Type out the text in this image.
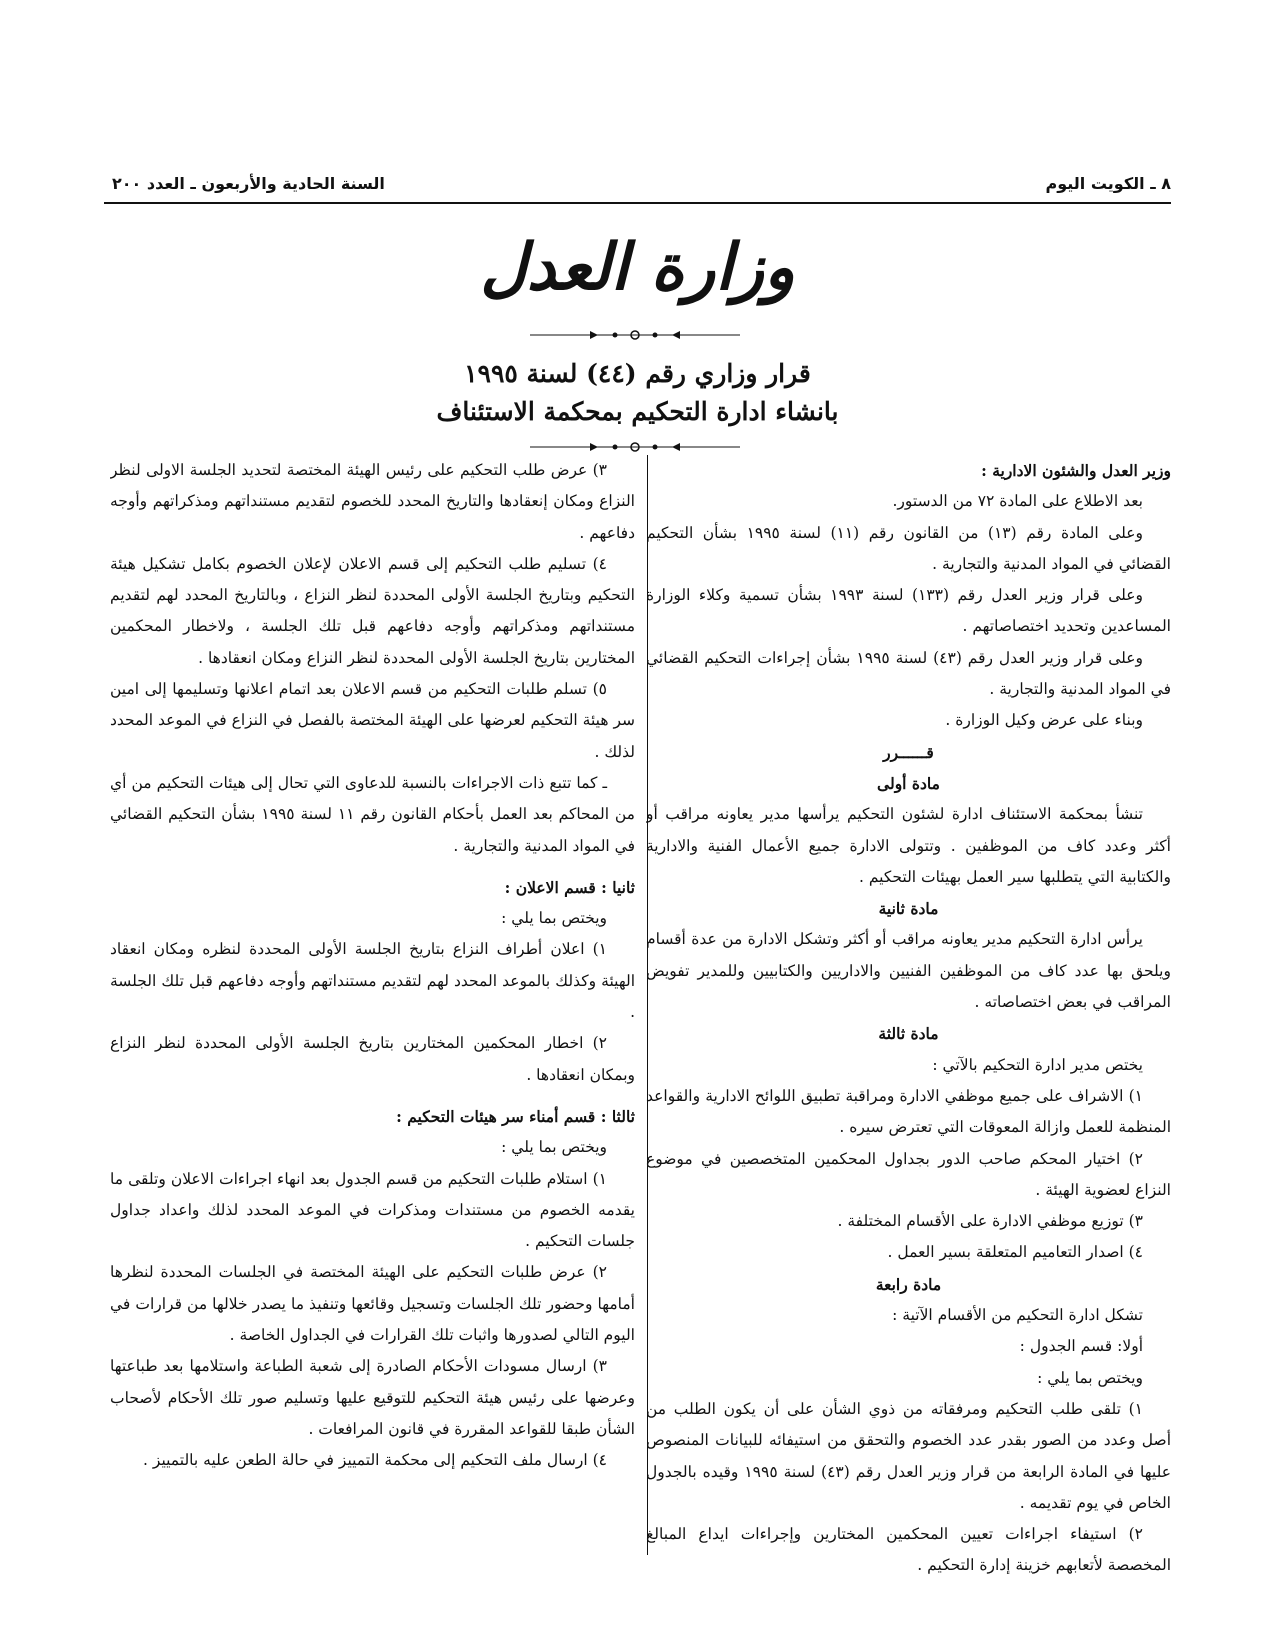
٨ ـ الكويت اليوم
السنة الحادية والأربعون ـ العدد ٢٠٠
وزارة العدل
قرار وزاري رقم (٤٤) لسنة ١٩٩٥
بانشاء ادارة التحكيم بمحكمة الاستئناف

وزير العدل والشئون الادارية :

بعد الاطلاع على المادة ٧٢ من الدستور.

وعلى المادة رقم (١٣) من القانون رقم (١١) لسنة ١٩٩٥ بشأن التحكيم القضائي في المواد المدنية والتجارية .

وعلى قرار وزير العدل رقم (١٣٣) لسنة ١٩٩٣ بشأن تسمية وكلاء الوزارة المساعدين وتحديد اختصاصاتهم .

وعلى قرار وزير العدل رقم (٤٣) لسنة ١٩٩٥ بشأن إجراءات التحكيم القضائي في المواد المدنية والتجارية .

وبناء على عرض وكيل الوزارة .

قــــــرر

مادة أولى

تنشأ بمحكمة الاستئناف ادارة لشئون التحكيم يرأسها مدير يعاونه مراقب أو أكثر وعدد كاف من الموظفين . وتتولى الادارة جميع الأعمال الفنية والادارية والكتابية التي يتطلبها سير العمل بهيئات التحكيم .

مادة ثانية

يرأس ادارة التحكيم مدير يعاونه مراقب أو أكثر وتشكل الادارة من عدة أقسام ويلحق بها عدد كاف من الموظفين الفنيين والاداريين والكتابيين وللمدير تفويض المراقب في بعض اختصاصاته .

مادة ثالثة

يختص مدير ادارة التحكيم بالآتي :

١) الاشراف على جميع موظفي الادارة ومراقبة تطبيق اللوائح الادارية والقواعد المنظمة للعمل وازالة المعوقات التي تعترض سيره .

٢) اختيار المحكم صاحب الدور بجداول المحكمين المتخصصين في موضوع النزاع لعضوية الهيئة .

٣) توزيع موظفي الادارة على الأقسام المختلفة .

٤) اصدار التعاميم المتعلقة بسير العمل .

مادة رابعة

تشكل ادارة التحكيم من الأقسام الآتية :

أولا: قسم الجدول :

ويختص بما يلي :

١) تلقى طلب التحكيم ومرفقاته من ذوي الشأن على أن يكون الطلب من أصل وعدد من الصور بقدر عدد الخصوم والتحقق من استيفائه للبيانات المنصوص عليها في المادة الرابعة من قرار وزير العدل رقم (٤٣) لسنة ١٩٩٥ وقيده بالجدول الخاص في يوم تقديمه .

٢) استيفاء اجراءات تعيين المحكمين المختارين وإجراءات ايداع المبالغ المخصصة لأتعابهم خزينة إدارة التحكيم .

٣) عرض طلب التحكيم على رئيس الهيئة المختصة لتحديد الجلسة الاولى لنظر النزاع ومكان إنعقادها والتاريخ المحدد للخصوم لتقديم مستنداتهم ومذكراتهم وأوجه دفاعهم .

٤) تسليم طلب التحكيم إلى قسم الاعلان لإعلان الخصوم بكامل تشكيل هيئة التحكيم وبتاريخ الجلسة الأولى المحددة لنظر النزاع ، وبالتاريخ المحدد لهم لتقديم مستنداتهم ومذكراتهم وأوجه دفاعهم قبل تلك الجلسة ، ولاخطار المحكمين المختارين بتاريخ الجلسة الأولى المحددة لنظر النزاع ومكان انعقادها .

٥) تسلم طلبات التحكيم من قسم الاعلان بعد اتمام اعلانها وتسليمها إلى امين سر هيئة التحكيم لعرضها على الهيئة المختصة بالفصل في النزاع في الموعد المحدد لذلك .

ـ كما تتبع ذات الاجراءات بالنسبة للدعاوى التي تحال إلى هيئات التحكيم من أي من المحاكم بعد العمل بأحكام القانون رقم ١١ لسنة ١٩٩٥ بشأن التحكيم القضائي في المواد المدنية والتجارية .

ثانيا : قسم الاعلان :

ويختص بما يلي :

١) اعلان أطراف النزاع بتاريخ الجلسة الأولى المحددة لنظره ومكان انعقاد الهيئة وكذلك بالموعد المحدد لهم لتقديم مستنداتهم وأوجه دفاعهم قبل تلك الجلسة .

٢) اخطار المحكمين المختارين بتاريخ الجلسة الأولى المحددة لنظر النزاع وبمكان انعقادها .

ثالثا : قسم أمناء سر هيئات التحكيم :

ويختص بما يلي :

١) استلام طلبات التحكيم من قسم الجدول بعد انهاء اجراءات الاعلان وتلقى ما يقدمه الخصوم من مستندات ومذكرات في الموعد المحدد لذلك واعداد جداول جلسات التحكيم .

٢) عرض طلبات التحكيم على الهيئة المختصة في الجلسات المحددة لنظرها أمامها وحضور تلك الجلسات وتسجيل وقائعها وتنفيذ ما يصدر خلالها من قرارات في اليوم التالي لصدورها واثبات تلك القرارات في الجداول الخاصة .

٣) ارسال مسودات الأحكام الصادرة إلى شعبة الطباعة واستلامها بعد طباعتها وعرضها على رئيس هيئة التحكيم للتوقيع عليها وتسليم صور تلك الأحكام لأصحاب الشأن طبقا للقواعد المقررة في قانون المرافعات .

٤) ارسال ملف التحكيم إلى محكمة التمييز في حالة الطعن عليه بالتمييز .
